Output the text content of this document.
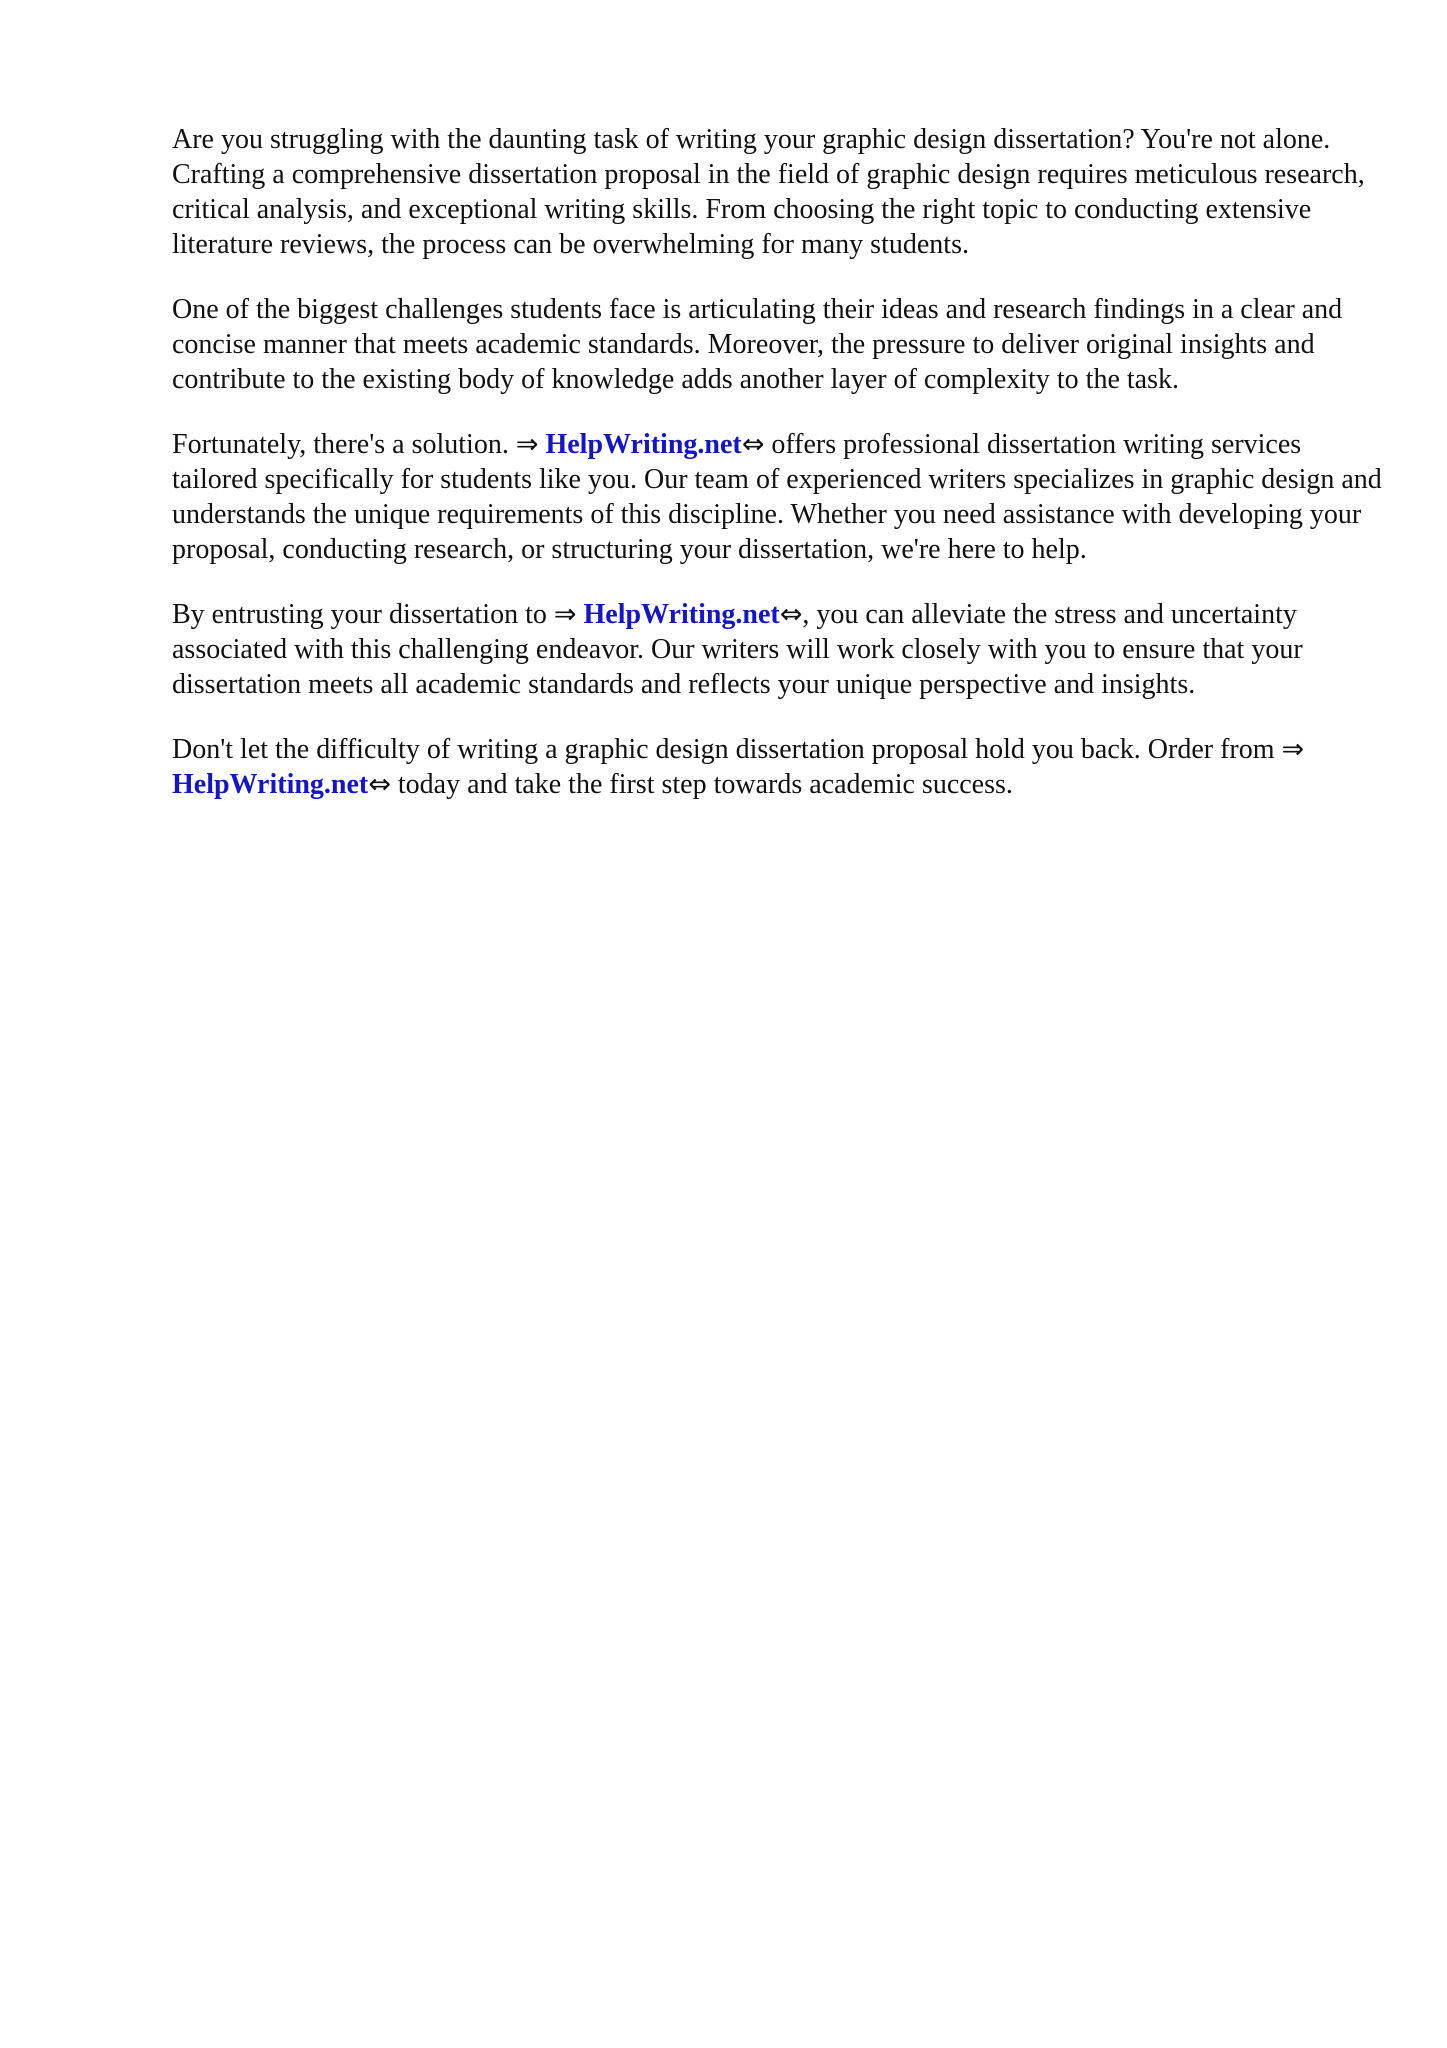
Are you struggling with the daunting task of writing your graphic design dissertation? You're not alone. Crafting a comprehensive dissertation proposal in the field of graphic design requires meticulous research, critical analysis, and exceptional writing skills. From choosing the right topic to conducting extensive literature reviews, the process can be overwhelming for many students.

One of the biggest challenges students face is articulating their ideas and research findings in a clear and concise manner that meets academic standards. Moreover, the pressure to deliver original insights and contribute to the existing body of knowledge adds another layer of complexity to the task.

Fortunately, there's a solution. ⇒ HelpWriting.net⇔ offers professional dissertation writing services tailored specifically for students like you. Our team of experienced writers specializes in graphic design and understands the unique requirements of this discipline. Whether you need assistance with developing your proposal, conducting research, or structuring your dissertation, we're here to help.

By entrusting your dissertation to ⇒ HelpWriting.net⇔, you can alleviate the stress and uncertainty associated with this challenging endeavor. Our writers will work closely with you to ensure that your dissertation meets all academic standards and reflects your unique perspective and insights.

Don't let the difficulty of writing a graphic design dissertation proposal hold you back. Order from ⇒ HelpWriting.net⇔ today and take the first step towards academic success.
